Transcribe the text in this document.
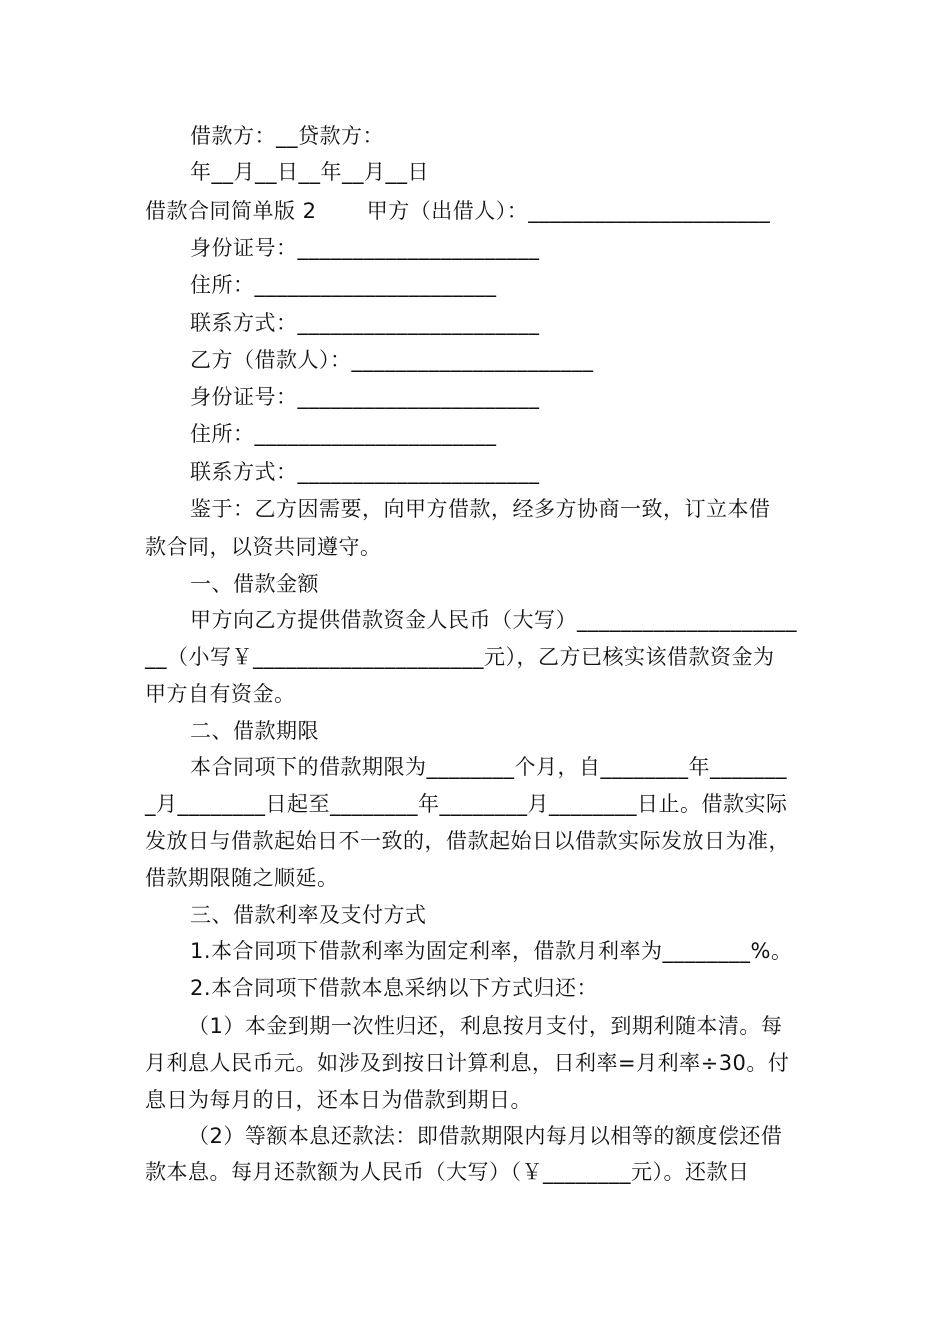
借款方：__贷款方：
年__月__日__年__月__日
借款合同简单版 2 　　甲方（出借人）：______________________
身份证号：______________________
住所：______________________
联系方式：______________________
乙方（借款人）：______________________
身份证号：______________________
住所：______________________
联系方式：______________________
鉴于：乙方因需要，向甲方借款，经多方协商一致，订立本借
款合同，以资共同遵守。
一、借款金额
甲方向乙方提供借款资金人民币（大写）____________________
__（小写￥_____________________元），乙方已核实该借款资金为
甲方自有资金。
二、借款期限
本合同项下的借款期限为________个月，自________年_______
_月________日起至________年________月________日止。借款实际
发放日与借款起始日不一致的，借款起始日以借款实际发放日为准，
借款期限随之顺延。
三、借款利率及支付方式
1.本合同项下借款利率为固定利率，借款月利率为________%。
2.本合同项下借款本息采纳以下方式归还：
（1）本金到期一次性归还，利息按月支付，到期利随本清。每
月利息人民币元。如涉及到按日计算利息，日利率=月利率÷30。付
息日为每月的日，还本日为借款到期日。
（2）等额本息还款法：即借款期限内每月以相等的额度偿还借
款本息。每月还款额为人民币（大写）（￥________元）。还款日
